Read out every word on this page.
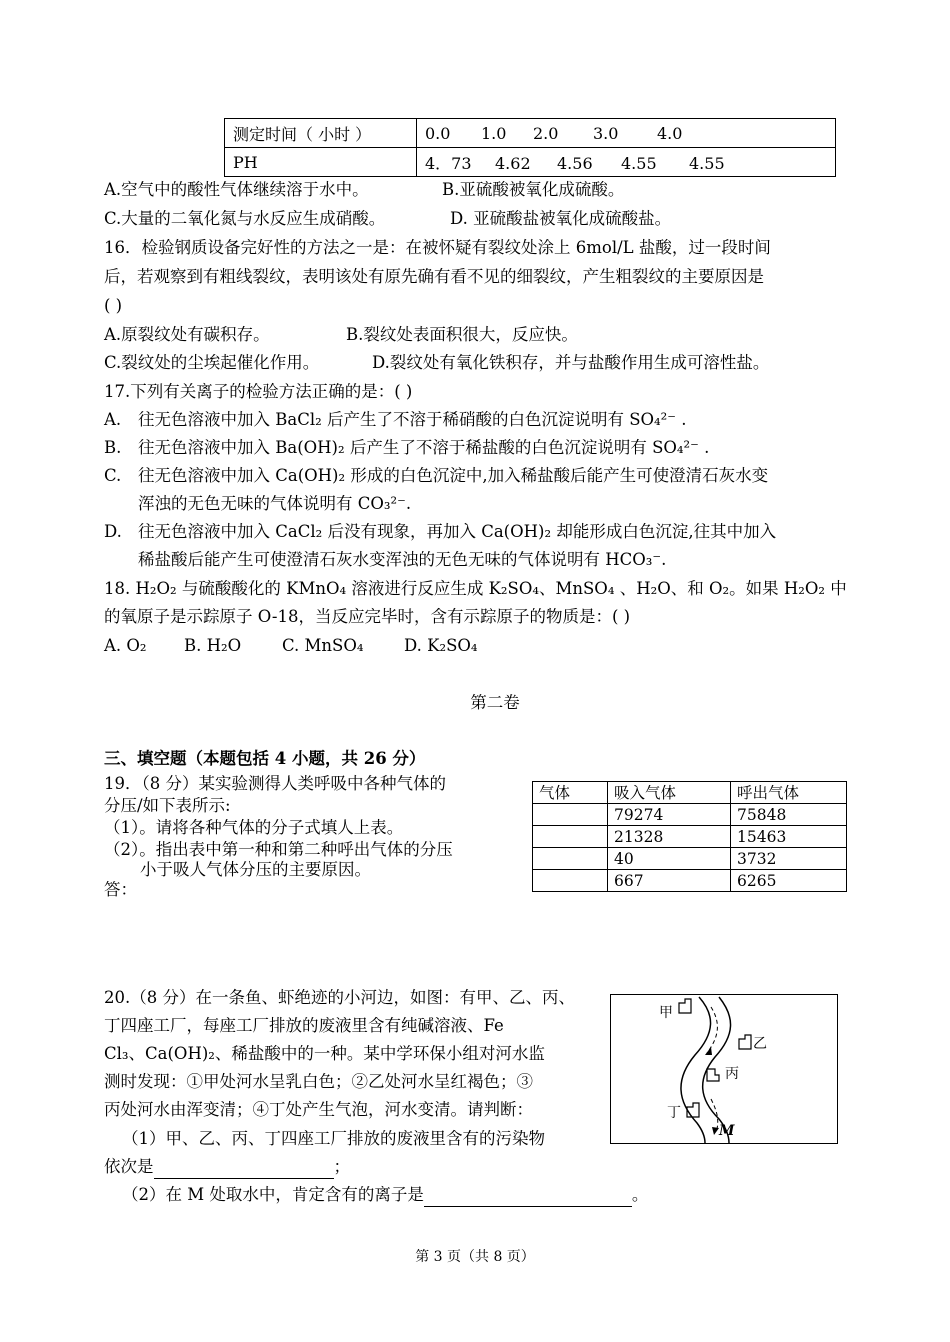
测定时间（ 小时 ）	0.0 1.0 2.0 3.0 4.0
PH	4．73 4.62 4.56 4.55 4.55
A.空气中的酸性气体继续溶于水中。	B.亚硫酸被氧化成硫酸。
C.大量的二氧化氮与水反应生成硝酸。	D. 亚硫酸盐被氧化成硫酸盐。
16．检验钢质设备完好性的方法之一是：在被怀疑有裂纹处涂上 6mol/L 盐酸，过一段时间
后，若观察到有粗线裂纹，表明该处有原先确有看不见的细裂纹，产生粗裂纹的主要原因是
( )
A.原裂纹处有碳积存。	B.裂纹处表面积很大，反应快。
C.裂纹处的尘埃起催化作用。	D.裂纹处有氧化铁积存，并与盐酸作用生成可溶性盐。
17.下列有关离子的检验方法正确的是：( )
A.	往无色溶液中加入 BaCl₂ 后产生了不溶于稀硝酸的白色沉淀说明有 SO₄²⁻ .
B.	往无色溶液中加入 Ba(OH)₂ 后产生了不溶于稀盐酸的白色沉淀说明有 SO₄²⁻ .
C.	往无色溶液中加入 Ca(OH)₂ 形成的白色沉淀中,加入稀盐酸后能产生可使澄清石灰水变
浑浊的无色无味的气体说明有 CO₃²⁻.
D. 往无色溶液中加入 CaCl₂ 后没有现象，再加入 Ca(OH)₂ 却能形成白色沉淀,往其中加入
稀盐酸后能产生可使澄清石灰水变浑浊的无色无味的气体说明有 HCO₃⁻.
18. H₂O₂ 与硫酸酸化的 KMnO₄ 溶液进行反应生成 K₂SO₄、MnSO₄ 、H₂O、和 O₂。如果 H₂O₂ 中
的氧原子是示踪原子 O-18，当反应完毕时，含有示踪原子的物质是：( )
A. O₂ B. H₂O C. MnSO₄ D. K₂SO₄
第二卷
三、填空题（本题包括 4 小题，共 26 分）
19．（8 分）某实验测得人类呼吸中各种气体的
分压/如下表所示:
（1）。请将各种气体的分子式填人上表。
（2）。指出表中第一种和第二种呼出气体的分压
小于吸人气体分压的主要原因。
答：
气体	吸入气体	呼出气体
	79274	75848
	21328	15463
	40	3732
	667	6265
20.（8 分）在一条鱼、虾绝迹的小河边，如图：有甲、乙、丙、
丁四座工厂，每座工厂排放的废液里含有纯碱溶液、Fe
Cl₃、Ca(OH)₂、稀盐酸中的一种。某中学环保小组对河水监
测时发现：①甲处河水呈乳白色；②乙处河水呈红褐色；③
丙处河水由浑变清；④丁处产生气泡，河水变清。请判断：
（1）甲、乙、丙、丁四座工厂排放的废液里含有的污染物
依次是	；
（2）在 M 处取水中，肯定含有的离子是	。
甲
乙
丙
丁
M
第 3 页（共 8 页）
